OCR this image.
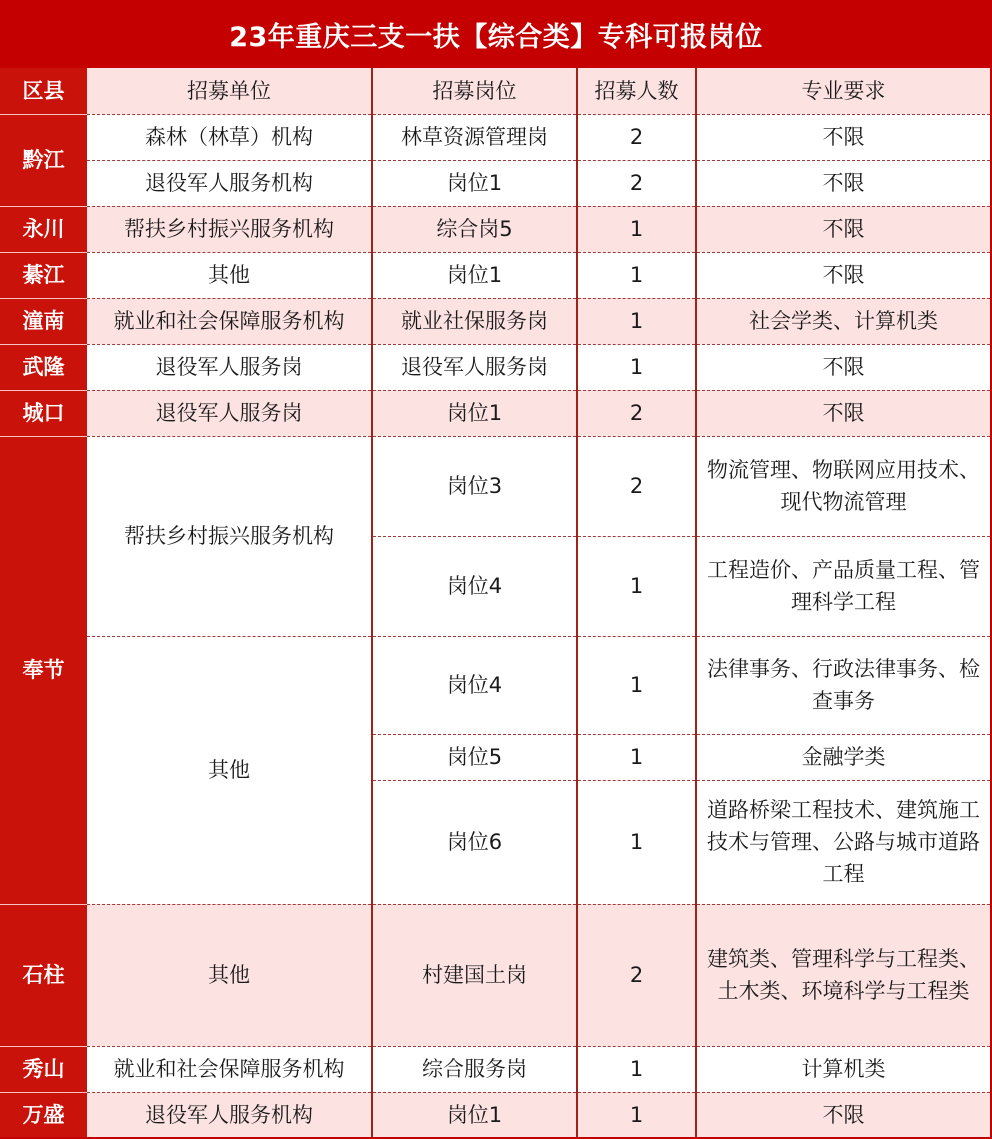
23年重庆三支一扶【综合类】专科可报岗位
区县	招募单位	招募岗位	招募人数	专业要求
黔江	森林（林草）机构	林草资源管理岗	2	不限
	退役军人服务机构	岗位1	2	不限
永川	帮扶乡村振兴服务机构	综合岗5	1	不限
綦江	其他	岗位1	1	不限
潼南	就业和社会保障服务机构	就业社保服务岗	1	社会学类、计算机类
武隆	退役军人服务岗	退役军人服务岗	1	不限
城口	退役军人服务岗	岗位1	2	不限
奉节	帮扶乡村振兴服务机构	岗位3	2	物流管理、物联网应用技术、现代物流管理
		岗位4	1	工程造价、产品质量工程、管理科学工程
	其他	岗位4	1	法律事务、行政法律事务、检查事务
		岗位5	1	金融学类
		岗位6	1	道路桥梁工程技术、建筑施工技术与管理、公路与城市道路工程
石柱	其他	村建国土岗	2	建筑类、管理科学与工程类、土木类、环境科学与工程类
秀山	就业和社会保障服务机构	综合服务岗	1	计算机类
万盛	退役军人服务机构	岗位1	1	不限
